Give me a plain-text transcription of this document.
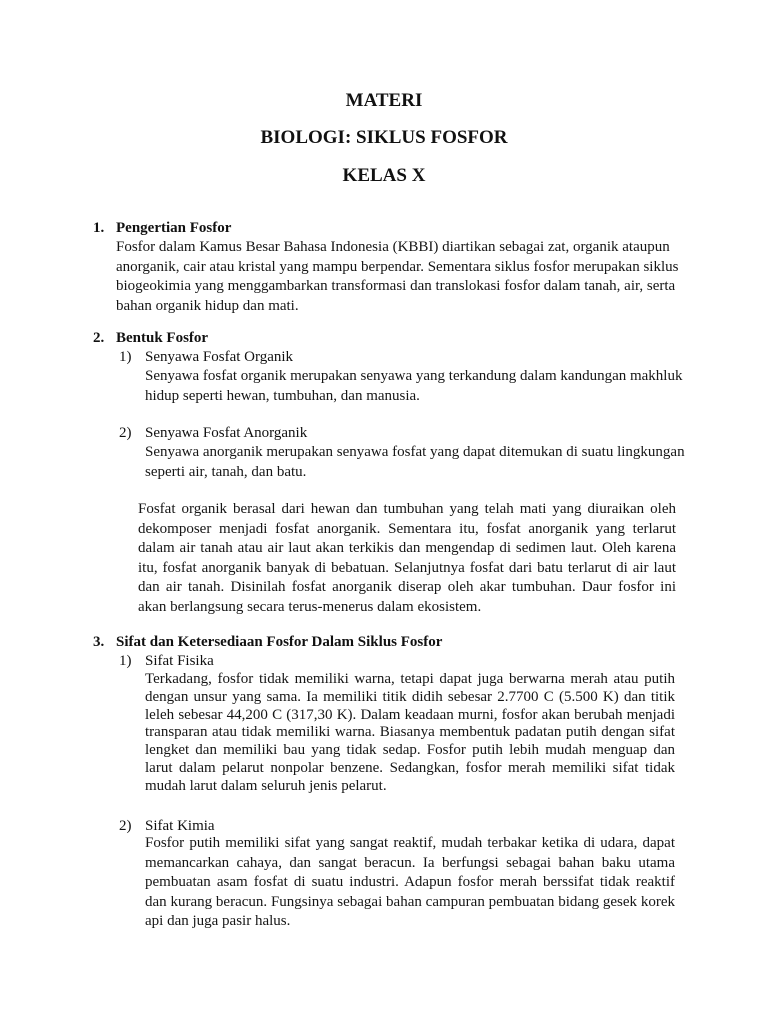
MATERI
BIOLOGI: SIKLUS FOSFOR
KELAS X
1. Pengertian Fosfor

Fosfor dalam Kamus Besar Bahasa Indonesia (KBBI) diartikan sebagai zat, organik ataupun anorganik, cair atau kristal yang mampu berpendar. Sementara siklus fosfor merupakan siklus biogeokimia yang menggambarkan transformasi dan translokasi fosfor dalam tanah, air, serta bahan organik hidup dan mati.

2. Bentuk Fosfor
1) Senyawa Fosfat Organik

Senyawa fosfat organik merupakan senyawa yang terkandung dalam kandungan makhluk hidup seperti hewan, tumbuhan, dan manusia.

2) Senyawa Fosfat Anorganik

Senyawa anorganik merupakan senyawa fosfat yang dapat ditemukan di suatu lingkungan seperti air, tanah, dan batu.

Fosfat organik berasal dari hewan dan tumbuhan yang telah mati yang diuraikan oleh dekomposer menjadi fosfat anorganik. Sementara itu, fosfat anorganik yang terlarut dalam air tanah atau air laut akan terkikis dan mengendap di sedimen laut. Oleh karena itu, fosfat anorganik banyak di bebatuan. Selanjutnya fosfat dari batu terlarut di air laut dan air tanah. Disinilah fosfat anorganik diserap oleh akar tumbuhan. Daur fosfor ini akan berlangsung secara terus-menerus dalam ekosistem.

3. Sifat dan Ketersediaan Fosfor Dalam Siklus Fosfor
1) Sifat Fisika

Terkadang, fosfor tidak memiliki warna, tetapi dapat juga berwarna merah atau putih dengan unsur yang sama. Ia memiliki titik didih sebesar 2.7700 C (5.500 K) dan titik leleh sebesar 44,200 C (317,30 K). Dalam keadaan murni, fosfor akan berubah menjadi transparan atau tidak memiliki warna. Biasanya membentuk padatan putih dengan sifat lengket dan memiliki bau yang tidak sedap. Fosfor putih lebih mudah menguap dan larut dalam pelarut nonpolar benzene. Sedangkan, fosfor merah memiliki sifat tidak mudah larut dalam seluruh jenis pelarut.

2) Sifat Kimia

Fosfor putih memiliki sifat yang sangat reaktif, mudah terbakar ketika di udara, dapat memancarkan cahaya, dan sangat beracun. Ia berfungsi sebagai bahan baku utama pembuatan asam fosfat di suatu industri. Adapun fosfor merah berssifat tidak reaktif dan kurang beracun. Fungsinya sebagai bahan campuran pembuatan bidang gesek korek api dan juga pasir halus.
